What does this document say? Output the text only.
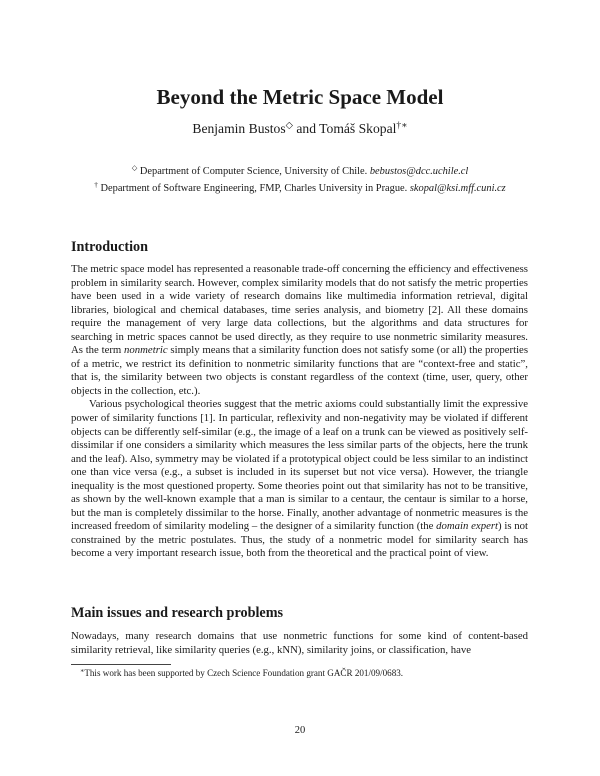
Beyond the Metric Space Model
Benjamin Bustos◇ and Tomáš Skopal†∗
◇ Department of Computer Science, University of Chile. bebustos@dcc.uchile.cl
† Department of Software Engineering, FMP, Charles University in Prague. skopal@ksi.mff.cuni.cz
Introduction

The metric space model has represented a reasonable trade-off concerning the efficiency and effectiveness problem in similarity search. However, complex similarity models that do not satisfy the metric properties have been used in a wide variety of research domains like multimedia information retrieval, digital libraries, biological and chemical databases, time series analysis, and biometry [2]. All these domains require the management of very large data collections, but the algorithms and data structures for searching in metric spaces cannot be used directly, as they require to use nonmetric similarity measures. As the term nonmetric simply means that a similarity function does not satisfy some (or all) the properties of a metric, we restrict its definition to nonmetric similarity functions that are “context-free and static”, that is, the similarity between two objects is constant regardless of the context (time, user, query, other objects in the collection, etc.).

Various psychological theories suggest that the metric axioms could substantially limit the expressive power of similarity functions [1]. In particular, reflexivity and non-negativity may be violated if different objects can be differently self-similar (e.g., the image of a leaf on a trunk can be viewed as positively self-dissimilar if one considers a similarity which measures the less similar parts of the objects, here the trunk and the leaf). Also, symmetry may be violated if a prototypical object could be less similar to an indistinct one than vice versa (e.g., a subset is included in its superset but not vice versa). However, the triangle inequality is the most questioned property. Some theories point out that similarity has not to be transitive, as shown by the well-known example that a man is similar to a centaur, the centaur is similar to a horse, but the man is completely dissimilar to the horse. Finally, another advantage of nonmetric measures is the increased freedom of similarity modeling – the designer of a similarity function (the domain expert) is not constrained by the metric postulates. Thus, the study of a nonmetric model for similarity search has become a very important research issue, both from the theoretical and the practical point of view.

Main issues and research problems

Nowadays, many research domains that use nonmetric functions for some kind of content-based similarity retrieval, like similarity queries (e.g., kNN), similarity joins, or classification, have

∗This work has been supported by Czech Science Foundation grant GAČR 201/09/0683.
20
